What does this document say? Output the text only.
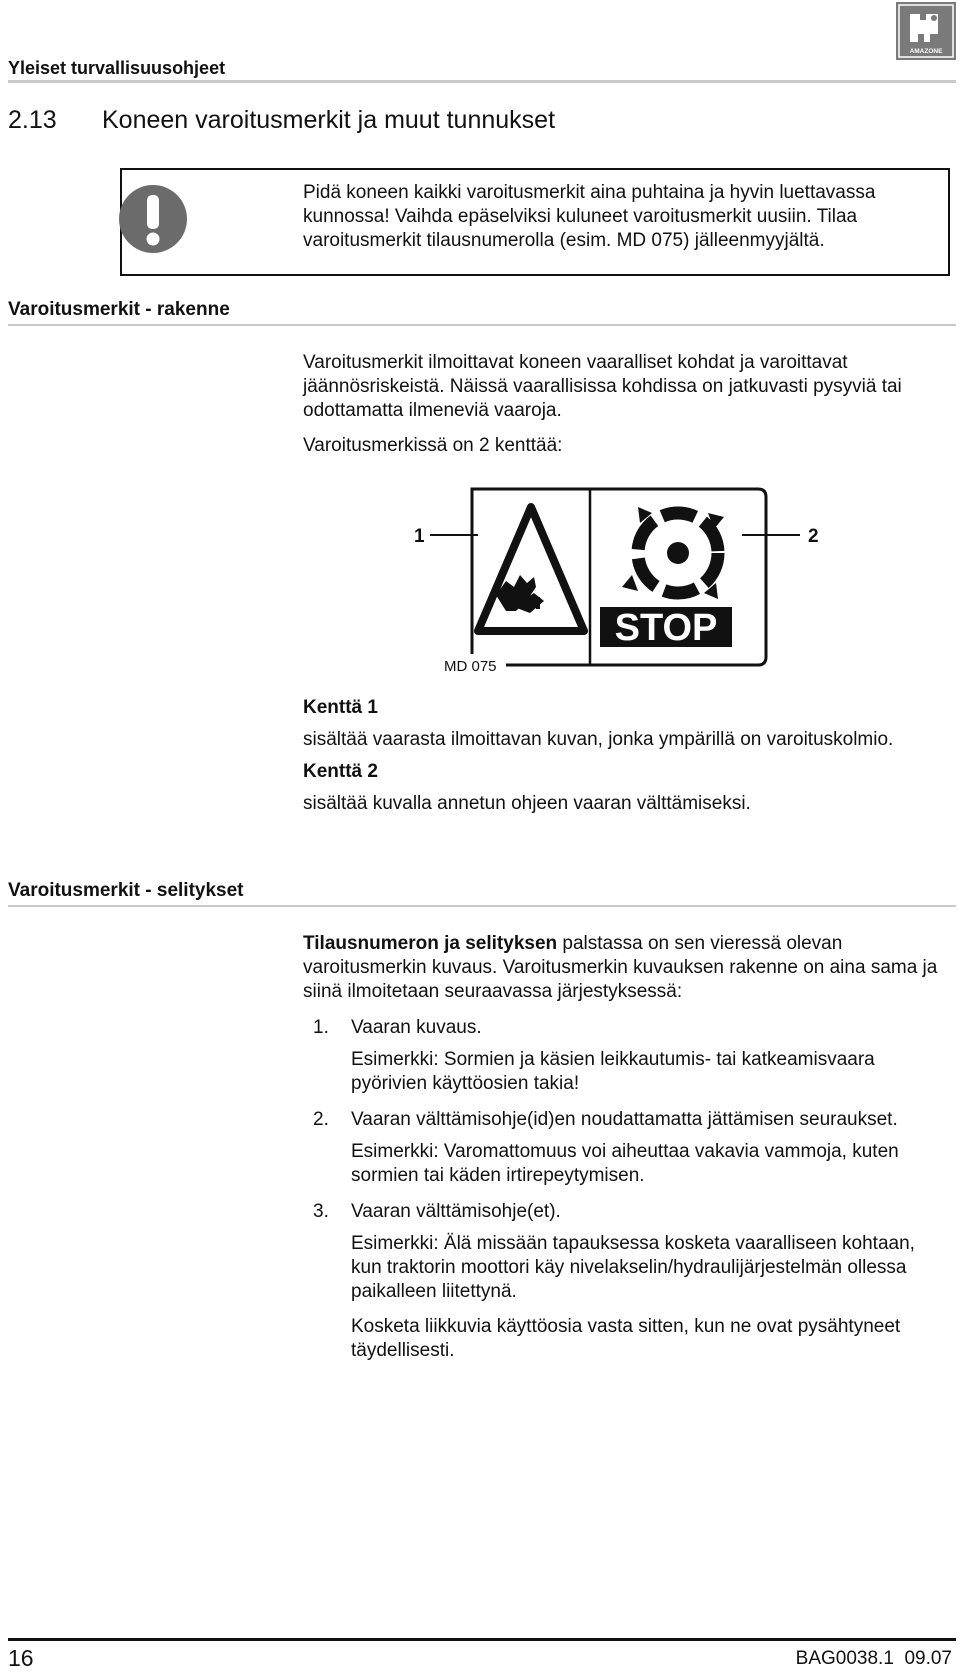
Yleiset turvallisuusohjeet
AMAZONE
2.13 Koneen varoitusmerkit ja muut tunnukset

Pidä koneen kaikki varoitusmerkit aina puhtaina ja hyvin luettavassa kunnossa! Vaihda epäselviksi kuluneet varoitusmerkit uusiin. Tilaa varoitusmerkit tilausnumerolla (esim. MD 075) jälleenmyyjältä.

Varoitusmerkit - rakenne

Varoitusmerkit ilmoittavat koneen vaaralliset kohdat ja varoittavat jäännösriskeistä. Näissä vaarallisissa kohdissa on jatkuvasti pysyviä tai odottamatta ilmeneviä vaaroja.

Varoitusmerkissä on 2 kenttää:

1	2
STOP
MD 075

Kenttä 1

sisältää vaarasta ilmoittavan kuvan, jonka ympärillä on varoituskolmio.

Kenttä 2

sisältää kuvalla annetun ohjeen vaaran välttämiseksi.

Varoitusmerkit - selitykset

Tilausnumeron ja selityksen palstassa on sen vieressä olevan varoitusmerkin kuvaus. Varoitusmerkin kuvauksen rakenne on aina sama ja siinä ilmoitetaan seuraavassa järjestyksessä:

1. Vaaran kuvaus.

Esimerkki: Sormien ja käsien leikkautumis- tai katkeamisvaara pyörivien käyttöosien takia!

2. Vaaran välttämisohje(id)en noudattamatta jättämisen seuraukset.

Esimerkki: Varomattomuus voi aiheuttaa vakavia vammoja, kuten sormien tai käden irtirepeytymisen.

3. Vaaran välttämisohje(et).

Esimerkki: Älä missään tapauksessa kosketa vaaralliseen kohtaan, kun traktorin moottori käy nivelakselin/hydraulijärjestelmän ollessa paikalleen liitettynä.

Kosketa liikkuvia käyttöosia vasta sitten, kun ne ovat pysähtyneet täydellisesti.

16	BAG0038.1  09.07
